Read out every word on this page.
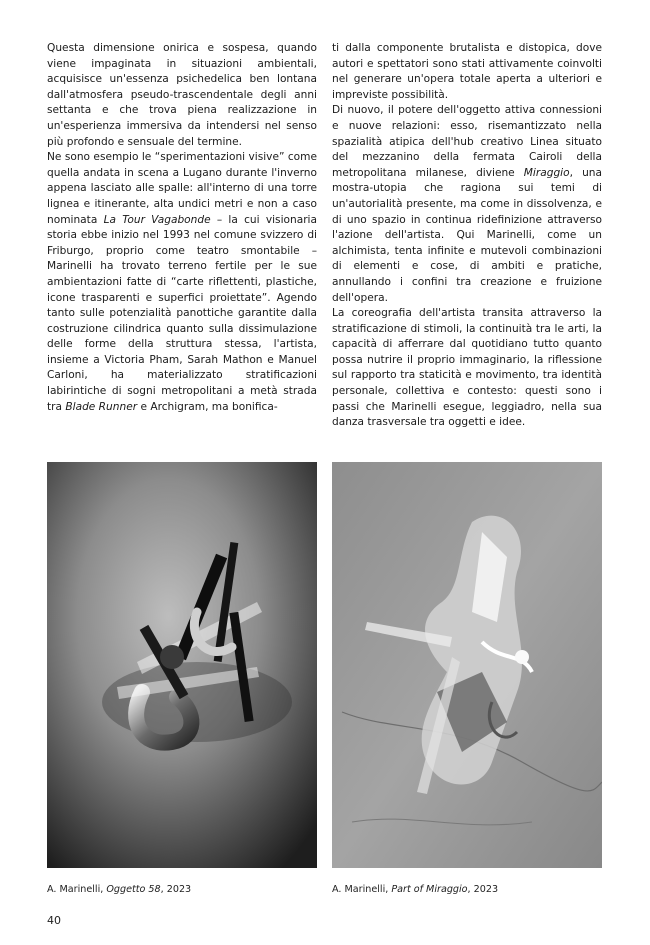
Questa dimensione onirica e sospesa, quando viene impaginata in situazioni ambientali, acquisisce un'essenza psichedelica ben lontana dall'atmosfera pseudo-trascendentale degli anni settanta e che trova piena realizzazione in un'esperienza immersiva da intendersi nel senso più profondo e sensuale del termine.

Ne sono esempio le “sperimentazioni visive” come quella andata in scena a Lugano durante l'inverno appena lasciato alle spalle: all'interno di una torre lignea e itinerante, alta undici metri e non a caso nominata La Tour Vagabonde – la cui visionaria storia ebbe inizio nel 1993 nel comune svizzero di Friburgo, proprio come teatro smontabile – Marinelli ha trovato terreno fertile per le sue ambientazioni fatte di “carte riflettenti, plastiche, icone trasparenti e superfici proiettate”. Agendo tanto sulle potenzialità panottiche garantite dalla costruzione cilindrica quanto sulla dissimulazione delle forme della struttura stessa, l'artista, insieme a Victoria Pham, Sarah Mathon e Manuel Carloni, ha materializzato stratificazioni labirintiche di sogni metropolitani a metà strada tra Blade Runner e Archigram, ma bonifica-

ti dalla componente brutalista e distopica, dove autori e spettatori sono stati attivamente coinvolti nel generare un'opera totale aperta a ulteriori e impreviste possibilità.

Di nuovo, il potere dell'oggetto attiva connessioni e nuove relazioni: esso, risemantizzato nella spazialità atipica dell'hub creativo Linea situato del mezzanino della fermata Cairoli della metropolitana milanese, diviene Miraggio, una mostra-utopia che ragiona sui temi di un'autorialità presente, ma come in dissolvenza, e di uno spazio in continua ridefinizione attraverso l'azione dell'artista. Qui Marinelli, come un alchimista, tenta infinite e mutevoli combinazioni di elementi e cose, di ambiti e pratiche, annullando i confini tra creazione e fruizione dell'opera.

La coreografia dell'artista transita attraverso la stratificazione di stimoli, la continuità tra le arti, la capacità di afferrare dal quotidiano tutto quanto possa nutrire il proprio immaginario, la riflessione sul rapporto tra staticità e movimento, tra identità personale, collettiva e contesto: questi sono i passi che Marinelli esegue, leggiadro, nella sua danza trasversale tra oggetti e idee.

A. Marinelli, Oggetto 58, 2023	A. Marinelli, Part of Miraggio, 2023
40
